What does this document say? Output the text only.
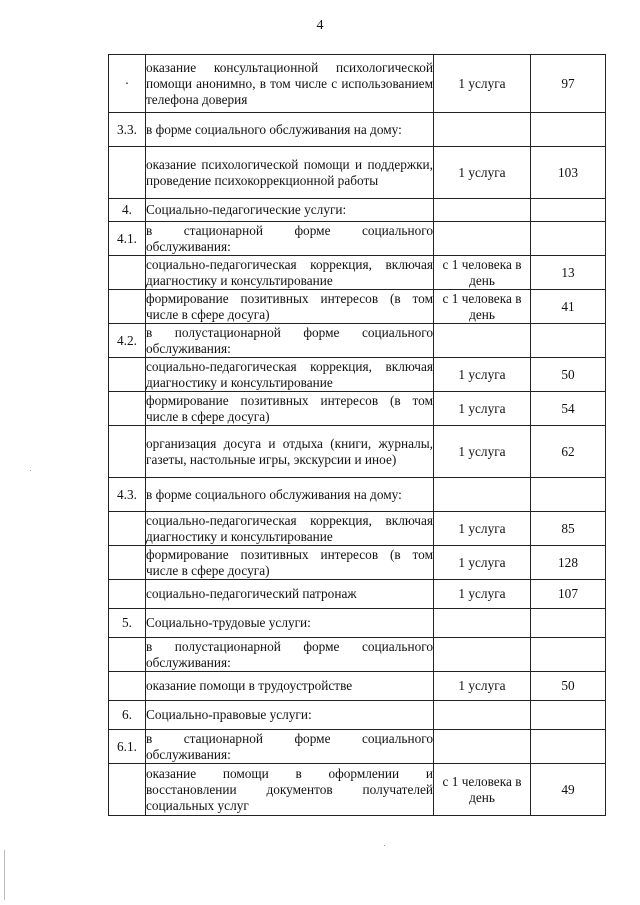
4
·	оказание консультационной психологической помощи анонимно, в том числе с использованием телефона доверия	1 услуга	97
3.3.	в форме социального обслуживания на дому:		
	оказание психологической помощи и поддержки, проведение психокоррекционной работы	1 услуга	103
4.	Социально-педагогические услуги:		
4.1.	в стационарной форме социального обслуживания:		
	социально-педагогическая коррекция, включая диагностику и консультирование	с 1 человека в день	13
	формирование позитивных интересов (в том числе в сфере досуга)	с 1 человека в день	41
4.2.	в полустационарной форме социального обслуживания:		
	социально-педагогическая коррекция, включая диагностику и консультирование	1 услуга	50
	формирование позитивных интересов (в том числе в сфере досуга)	1 услуга	54
	организация досуга и отдыха (книги, журналы, газеты, настольные игры, экскурсии и иное)	1 услуга	62
4.3.	в форме социального обслуживания на дому:		
	социально-педагогическая коррекция, включая диагностику и консультирование	1 услуга	85
	формирование позитивных интересов (в том числе в сфере досуга)	1 услуга	128
	социально-педагогический патронаж	1 услуга	107
5.	Социально-трудовые услуги:		
	в полустационарной форме социального обслуживания:		
	оказание помощи в трудоустройстве	1 услуга	50
6.	Социально-правовые услуги:		
6.1.	в стационарной форме социального обслуживания:		
	оказание помощи в оформлении и восстановлении документов получателей социальных услуг	с 1 человека в день	49
